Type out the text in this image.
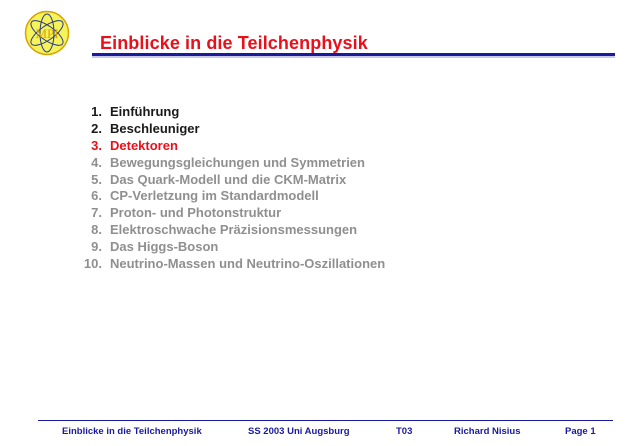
MPI Einblicke in die Teilchenphysik
1. Einführung
2. Beschleuniger
3. Detektoren
4. Bewegungsgleichungen und Symmetrien
5. Das Quark-Modell und die CKM-Matrix
6. CP-Verletzung im Standardmodell
7. Proton- und Photonstruktur
8. Elektroschwache Präzisionsmessungen
9. Das Higgs-Boson
10. Neutrino-Massen und Neutrino-Oszillationen
Einblicke in die Teilchenphysik	SS 2003 Uni Augsburg	T03	Richard Nisius	Page 1
